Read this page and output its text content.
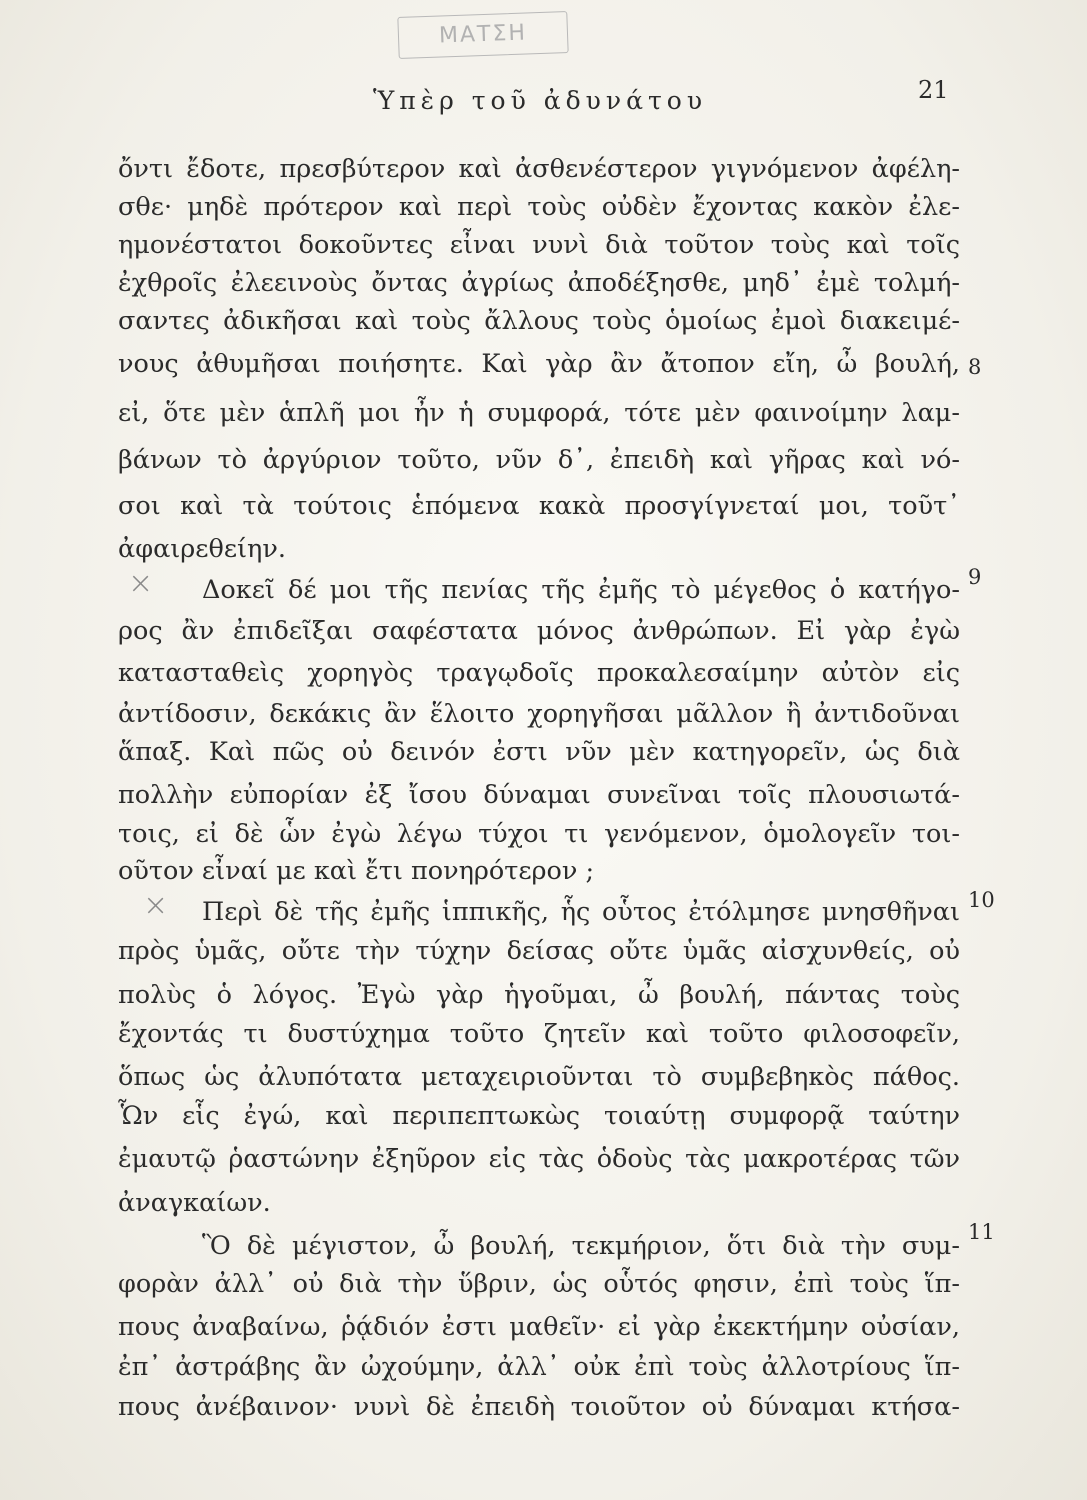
ΜΑΤΣΗ
Ὑπὲρ τοῦ ἀδυνάτου	21
×
×
ὄντι ἔδοτε, πρεσβύτερον καὶ ἀσθενέστερον γιγνόμενον ἀφέλη-
σθε· μηδὲ πρότερον καὶ περὶ τοὺς οὐδὲν ἔχοντας κακὸν ἐλε-
ημονέστατοι δοκοῦντες εἶναι νυνὶ διὰ τοῦτον τοὺς καὶ τοῖς
ἐχθροῖς ἐλεεινοὺς ὄντας ἀγρίως ἀποδέξησθε, μηδ᾽ ἐμὲ τολμή-
σαντες ἀδικῆσαι καὶ τοὺς ἄλλους τοὺς ὁμοίως ἐμοὶ διακειμέ-
νους ἀθυμῆσαι ποιήσητε. Καὶ γὰρ ἂν ἄτοπον εἴη, ὦ βουλή,
εἰ, ὅτε μὲν ἁπλῆ μοι ἦν ἡ συμφορά, τότε μὲν φαινοίμην λαμ-
βάνων τὸ ἀργύριον τοῦτο, νῦν δ᾽, ἐπειδὴ καὶ γῆρας καὶ νό-
σοι καὶ τὰ τούτοις ἑπόμενα κακὰ προσγίγνεταί μοι, τοῦτ᾽
ἀφαιρεθείην.
Δοκεῖ δέ μοι τῆς πενίας τῆς ἐμῆς τὸ μέγεθος ὁ κατήγο-
ρος ἂν ἐπιδεῖξαι σαφέστατα μόνος ἀνθρώπων. Εἰ γὰρ ἐγὼ
κατασταθεὶς χορηγὸς τραγῳδοῖς προκαλεσαίμην αὐτὸν εἰς
ἀντίδοσιν, δεκάκις ἂν ἕλοιτο χορηγῆσαι μᾶλλον ἢ ἀντιδοῦναι
ἅπαξ. Καὶ πῶς οὐ δεινόν ἐστι νῦν μὲν κατηγορεῖν, ὡς διὰ
πολλὴν εὐπορίαν ἐξ ἴσου δύναμαι συνεῖναι τοῖς πλουσιωτά-
τοις, εἰ δὲ ὧν ἐγὼ λέγω τύχοι τι γενόμενον, ὁμολογεῖν τοι-
οῦτον εἶναί με καὶ ἔτι πονηρότερον ;
Περὶ δὲ τῆς ἐμῆς ἱππικῆς, ἧς οὗτος ἐτόλμησε μνησθῆναι
πρὸς ὑμᾶς, οὔτε τὴν τύχην δείσας οὔτε ὑμᾶς αἰσχυνθείς, οὐ
πολὺς ὁ λόγος. Ἐγὼ γὰρ ἡγοῦμαι, ὦ βουλή, πάντας τοὺς
ἔχοντάς τι δυστύχημα τοῦτο ζητεῖν καὶ τοῦτο φιλοσοφεῖν,
ὅπως ὡς ἀλυπότατα μεταχειριοῦνται τὸ συμβεβηκὸς πάθος.
Ὧν εἷς ἐγώ, καὶ περιπεπτωκὼς τοιαύτῃ συμφορᾷ ταύτην
ἐμαυτῷ ῥαστώνην ἐξηῦρον εἰς τὰς ὁδοὺς τὰς μακροτέρας τῶν
ἀναγκαίων.
Ὃ δὲ μέγιστον, ὦ βουλή, τεκμήριον, ὅτι διὰ τὴν συμ-
φορὰν ἀλλ᾽ οὐ διὰ τὴν ὕβριν, ὡς οὗτός φησιν, ἐπὶ τοὺς ἵπ-
πους ἀναβαίνω, ῥᾴδιόν ἐστι μαθεῖν· εἰ γὰρ ἐκεκτήμην οὐσίαν,
ἐπ᾽ ἀστράβης ἂν ὠχούμην, ἀλλ᾽ οὐκ ἐπὶ τοὺς ἀλλοτρίους ἵπ-
πους ἀνέβαινον· νυνὶ δὲ ἐπειδὴ τοιοῦτον οὐ δύναμαι κτήσα-
8
9
10
11
